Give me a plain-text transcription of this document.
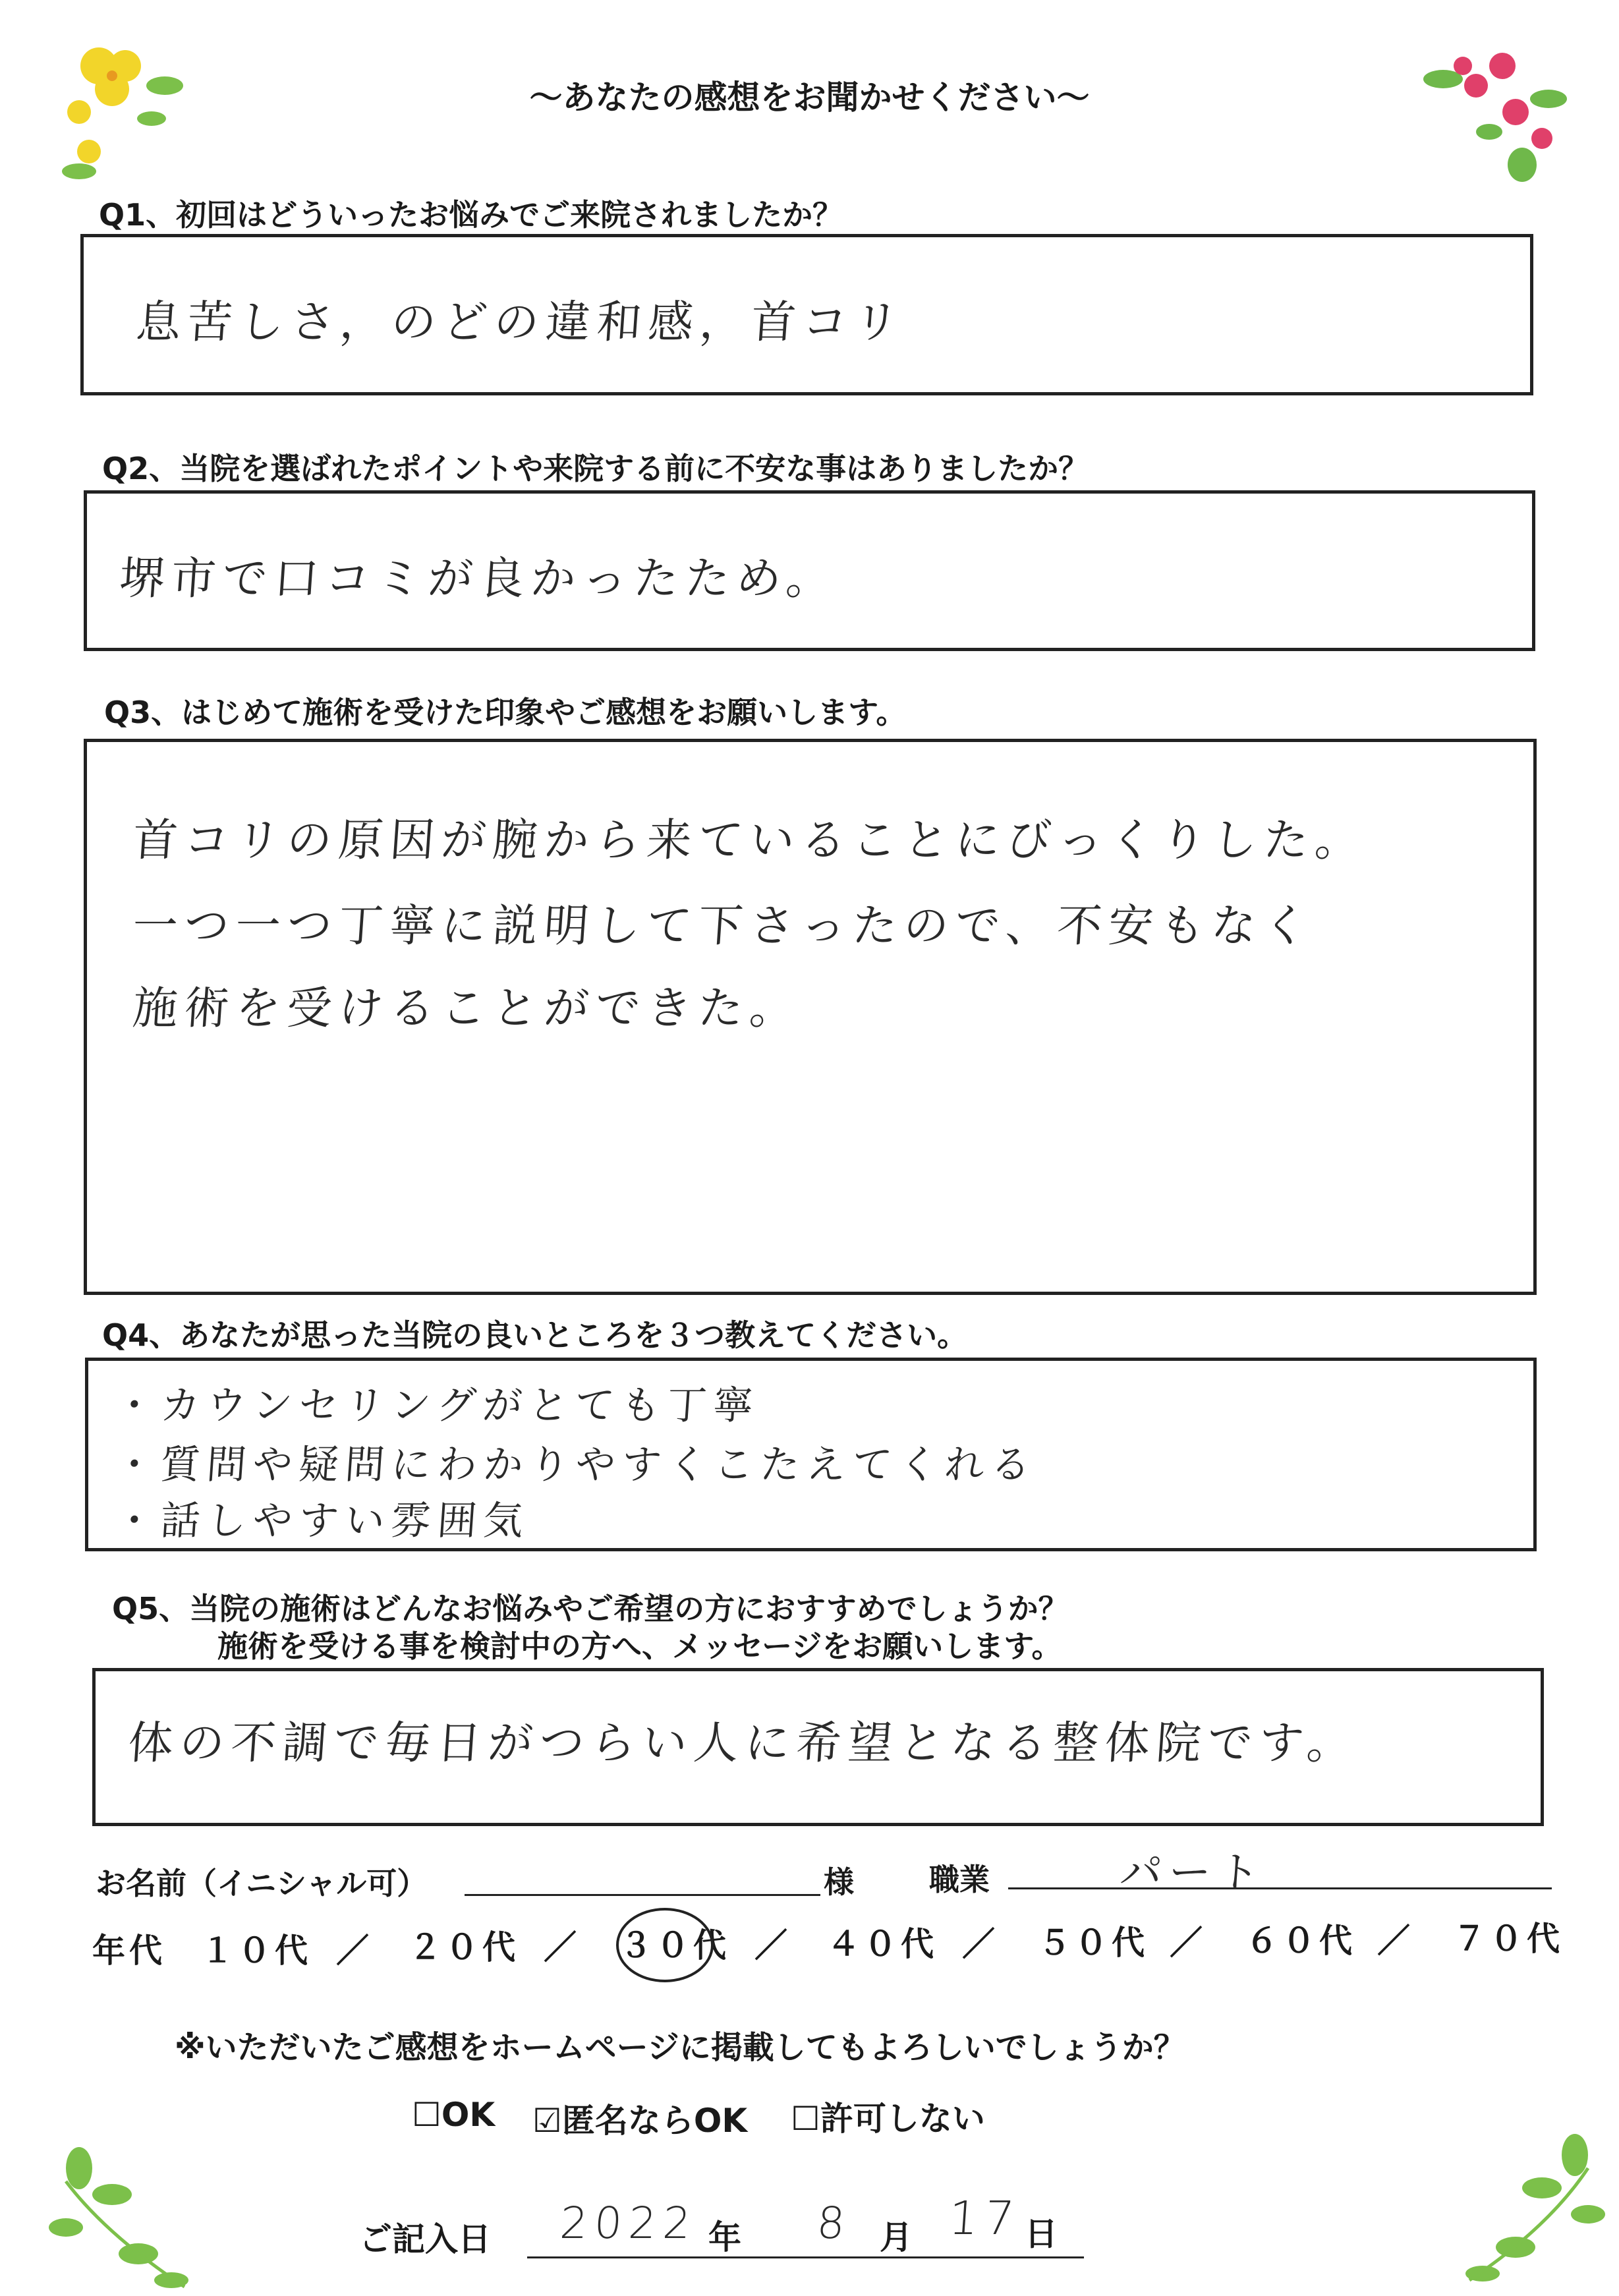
〜あなたの感想をお聞かせください〜
Q1、初回はどういったお悩みでご来院されましたか？
息苦しさ，のどの違和感，首コリ
Q2、当院を選ばれたポイントや来院する前に不安な事はありましたか？
堺市で口コミが良かったため。
Q3、はじめて施術を受けた印象やご感想をお願いします。
首コリの原因が腕から来ていることにびっくりした。
一つ一つ丁寧に説明して下さったので、不安もなく
施術を受けることができた。
Q4、あなたが思った当院の良いところを３つ教えてください。
・カウンセリングがとても丁寧
・質問や疑問にわかりやすくこたえてくれる
・話しやすい雰囲気
Q5、当院の施術はどんなお悩みやご希望の方におすすめでしょうか？
施術を受ける事を検討中の方へ、メッセージをお願いします。
体の不調で毎日がつらい人に希望となる整体院です。
お名前（イニシャル可）	様 職業	パート
年代 １０代 ／ ２０代 ／ ３０代 ／ ４０代 ／ ５０代 ／ ６０代 ／ ７０代
※いただいたご感想をホームページに掲載してもよろしいでしょうか？
☐OK ☑匿名ならOK ☐許可しない
ご記入日 2022 年 8 月 17 日
